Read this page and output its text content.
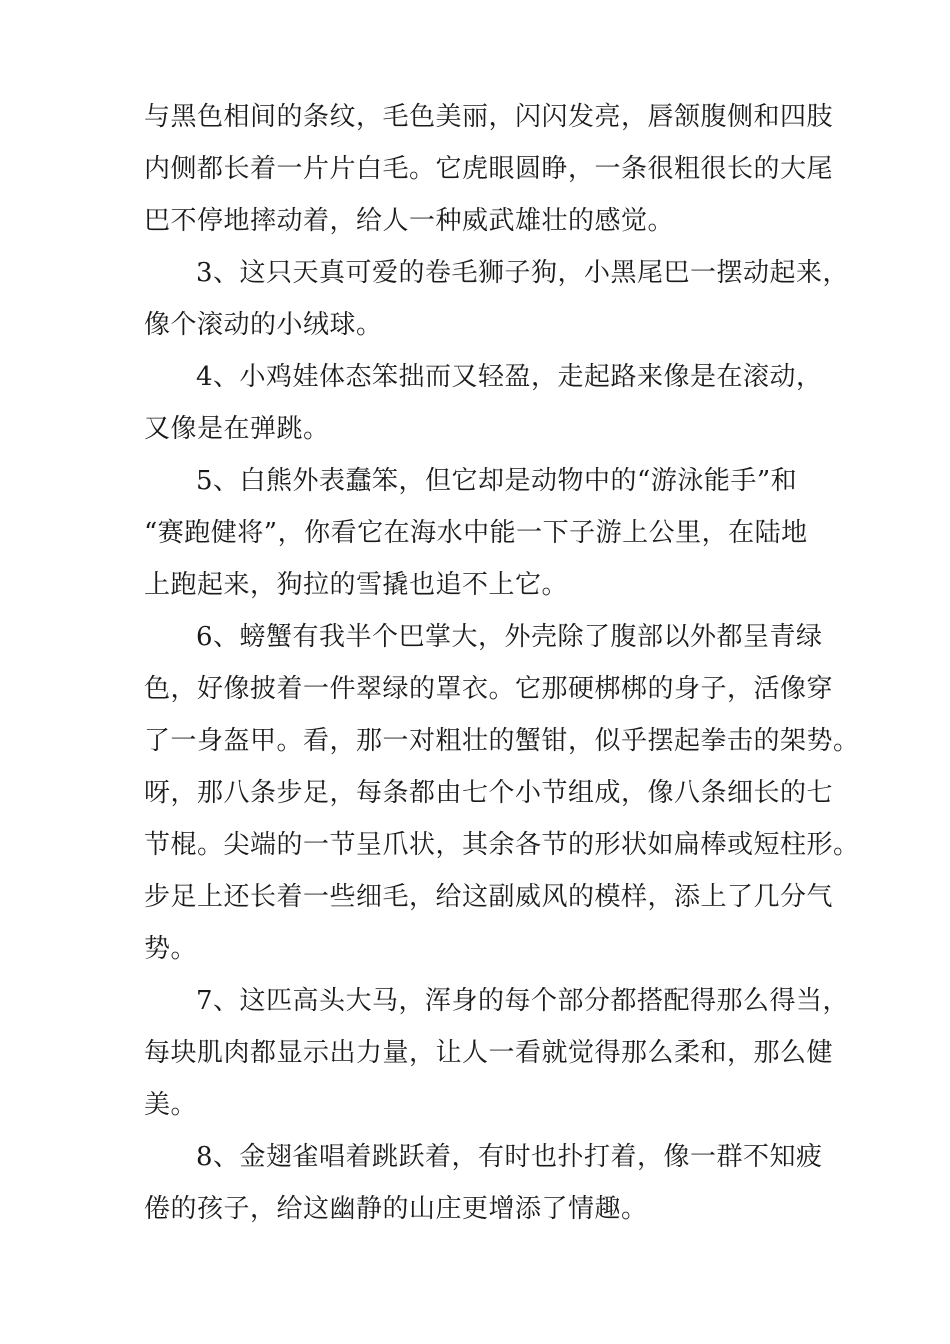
与黑色相间的条纹，毛色美丽，闪闪发亮，唇颔腹侧和四肢
内侧都长着一片片白毛。它虎眼圆睁，一条很粗很长的大尾
巴不停地摔动着，给人一种威武雄壮的感觉。
3、这只天真可爱的卷毛狮子狗，小黑尾巴一摆动起来，
像个滚动的小绒球。
4、小鸡娃体态笨拙而又轻盈，走起路来像是在滚动，
又像是在弹跳。
5、白熊外表蠢笨，但它却是动物中的“游泳能手”和
“赛跑健将”，你看它在海水中能一下子游上公里，在陆地
上跑起来，狗拉的雪撬也追不上它。
6、螃蟹有我半个巴掌大，外壳除了腹部以外都呈青绿
色，好像披着一件翠绿的罩衣。它那硬梆梆的身子，活像穿
了一身盔甲。看，那一对粗壮的蟹钳，似乎摆起拳击的架势。
呀，那八条步足，每条都由七个小节组成，像八条细长的七
节棍。尖端的一节呈爪状，其余各节的形状如扁棒或短柱形。
步足上还长着一些细毛，给这副威风的模样，添上了几分气
势。
7、这匹高头大马，浑身的每个部分都搭配得那么得当，
每块肌肉都显示出力量，让人一看就觉得那么柔和，那么健
美。
8、金翅雀唱着跳跃着，有时也扑打着，像一群不知疲
倦的孩子，给这幽静的山庄更增添了情趣。
